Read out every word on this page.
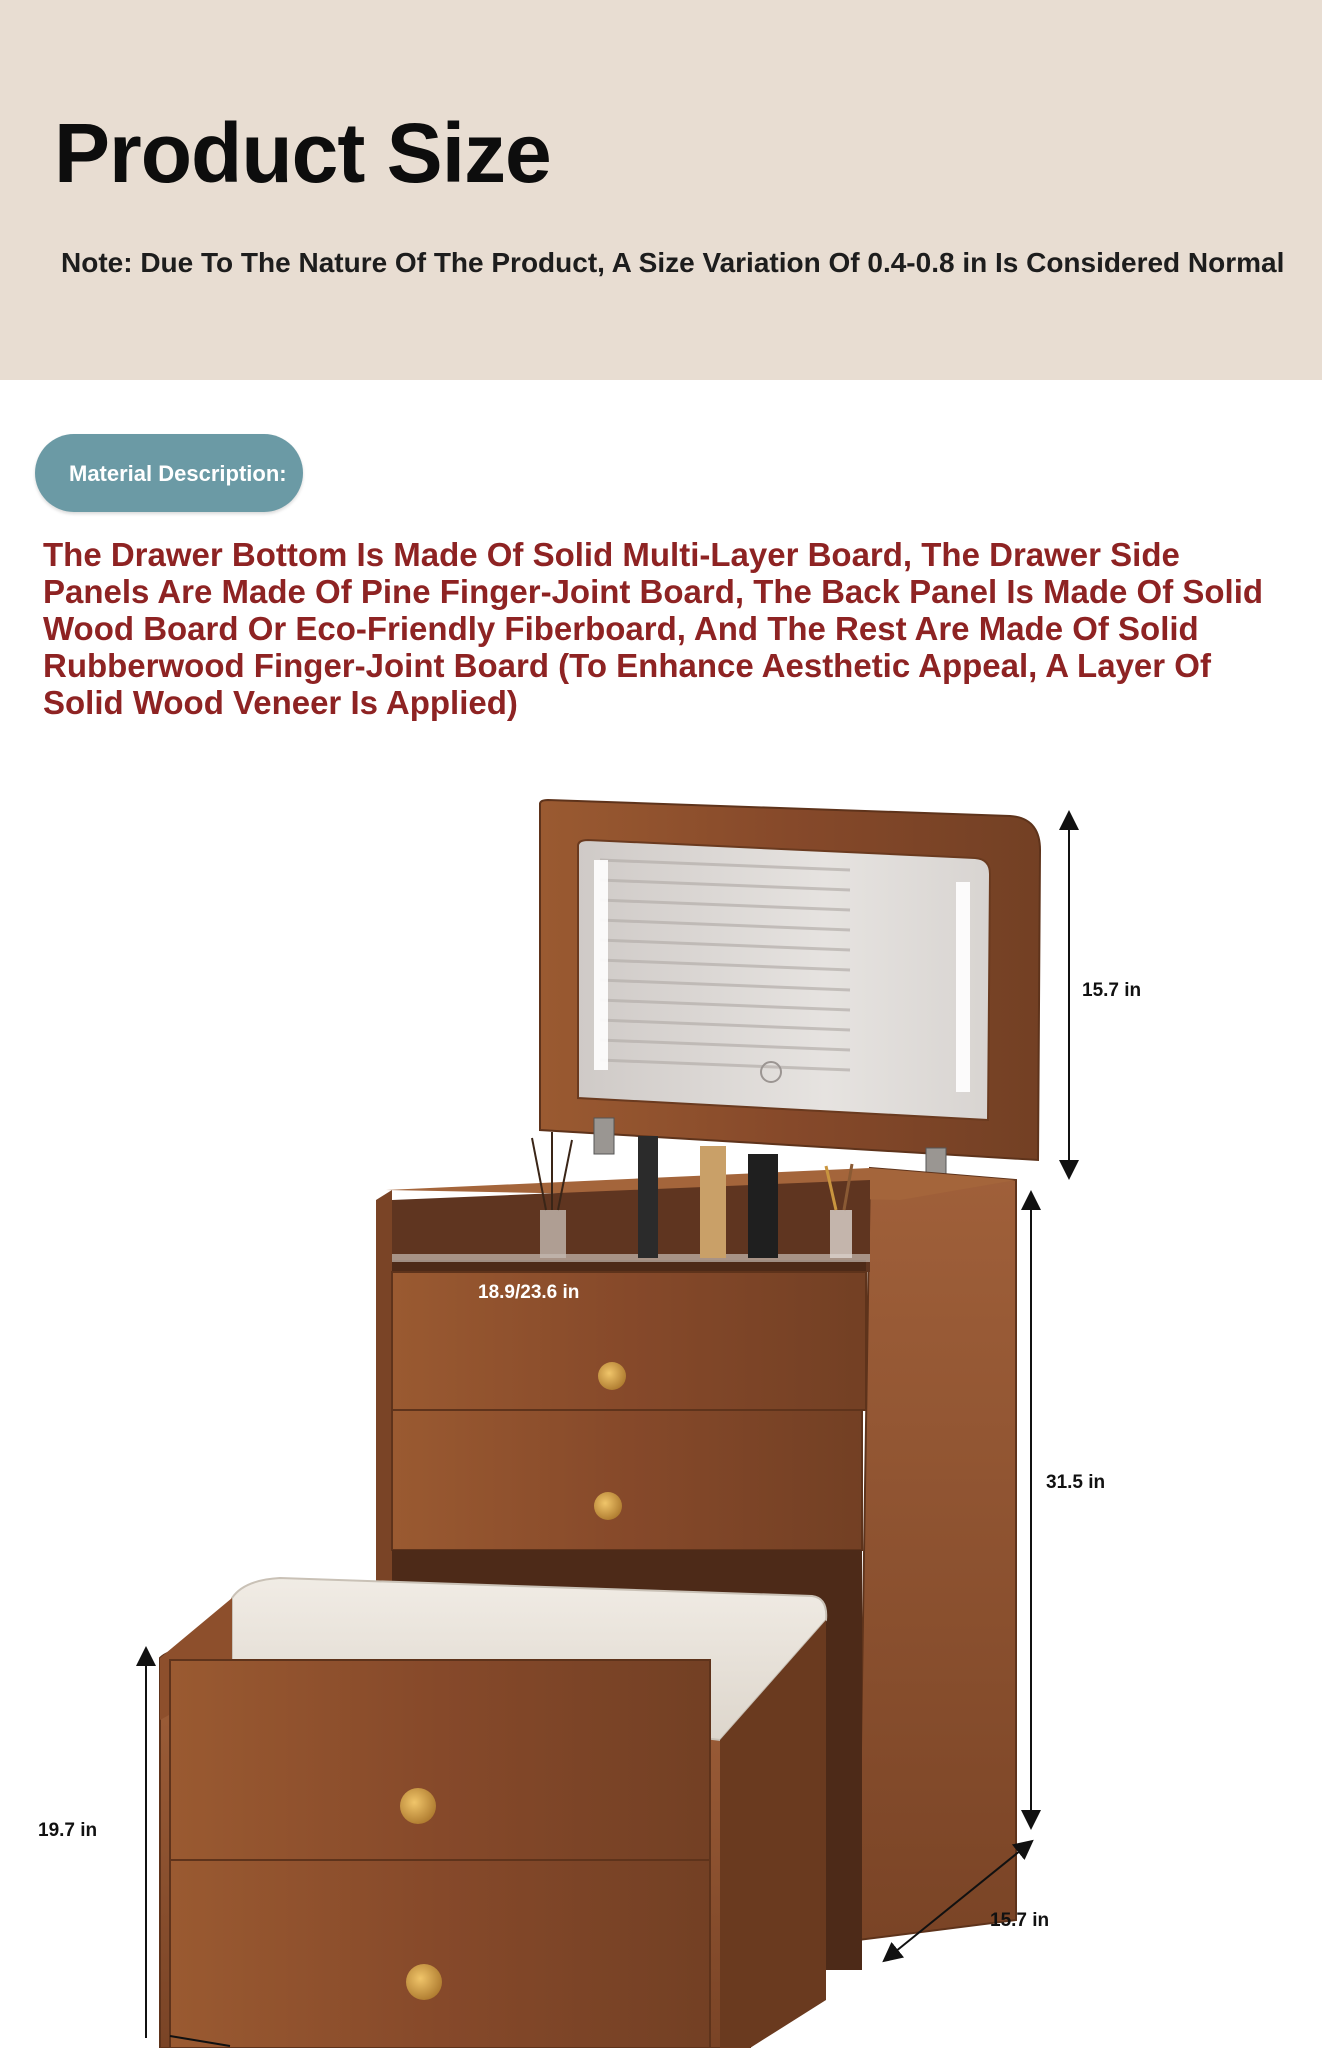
Product Size
Note: Due To The Nature Of The Product, A Size Variation Of 0.4-0.8 in Is Considered Normal
Material Description:
The Drawer Bottom Is Made Of Solid Multi-Layer Board, The Drawer Side Panels Are Made Of Pine Finger-Joint Board, The Back Panel Is Made Of Solid Wood Board Or Eco-Friendly Fiberboard, And The Rest Are Made Of Solid Rubberwood Finger-Joint Board (To Enhance Aesthetic Appeal, A Layer Of Solid Wood Veneer Is Applied)
15.7 in
31.5 in
18.9/23.6 in
15.7 in
19.7 in
